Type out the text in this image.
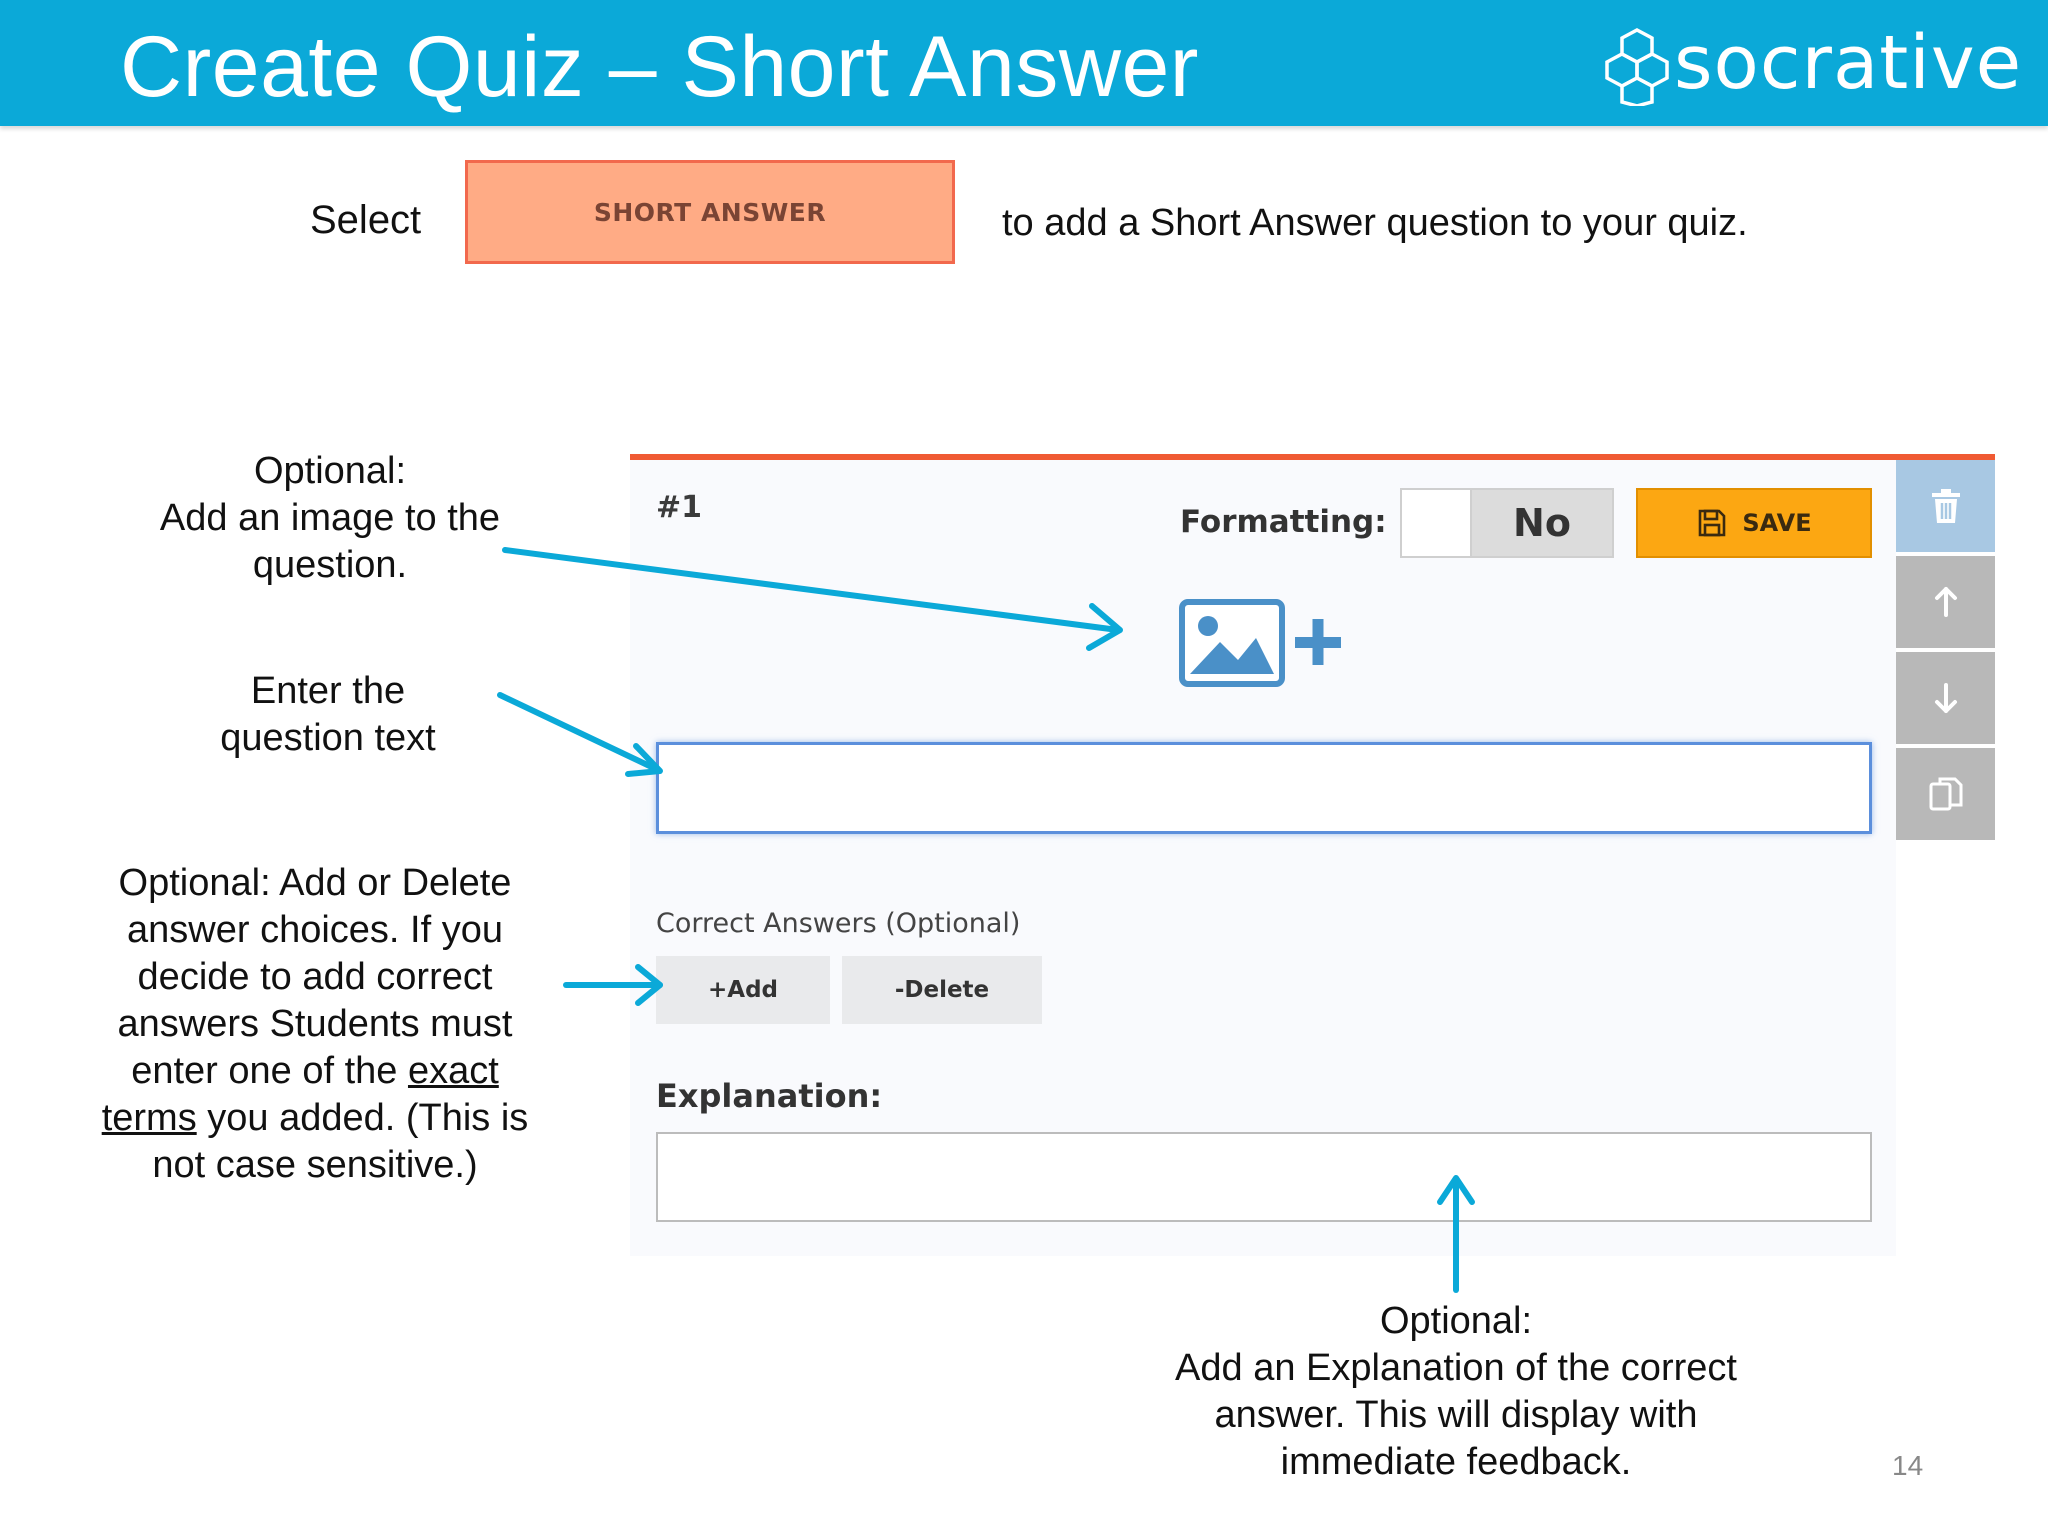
Create Quiz – Short Answer	socrative
Select	SHORT ANSWER	to add a Short Answer question to your quiz.
Optional:
Add an image to the
question.
Enter the
question text
Optional: Add or Delete
answer choices. If you
decide to add correct
answers Students must
enter one of the exact
terms you added. (This is
not case sensitive.)
#1	Formatting:	No	SAVE
Correct Answers (Optional)
+Add	-Delete
Explanation:
Optional:
Add an Explanation of the correct
answer. This will display with
immediate feedback.	14
